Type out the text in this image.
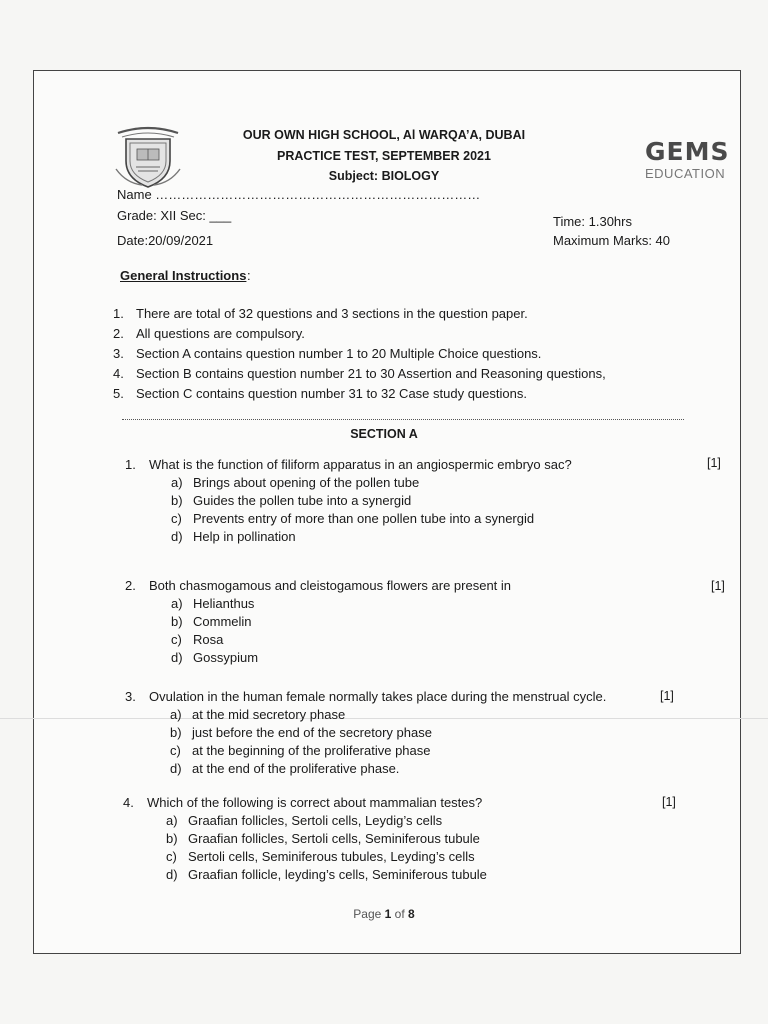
OUR OWN HIGH SCHOOL, Al WARQA’A, DUBAI
PRACTICE TEST, SEPTEMBER 2021
Subject: BIOLOGY
GEMS
EDUCATION
Name …………………………………………………………………
Grade: XII Sec: ___
Date:20/09/2021
Time: 1.30hrs
Maximum Marks: 40
General Instructions :
1. There are total of 32 questions and 3 sections in the question paper.
2. All questions are compulsory.
3. Section A contains question number 1 to 20 Multiple Choice questions.
4. Section B contains question number 21 to 30 Assertion and Reasoning questions,
5. Section C contains question number 31 to 32 Case study questions.
SECTION A
1. What is the function of filiform apparatus in an angiospermic embryo sac?
a) Brings about opening of the pollen tube
b) Guides the pollen tube into a synergid
c) Prevents entry of more than one pollen tube into a synergid
d) Help in pollination
[1]
2. Both chasmogamous and cleistogamous flowers are present in
a) Helianthus
b) Commelin
c) Rosa
d) Gossypium
[1]
3. Ovulation in the human female normally takes place during the menstrual cycle.
a) at the mid secretory phase
b) just before the end of the secretory phase
c) at the beginning of the proliferative phase
d) at the end of the proliferative phase.
[1]
4. Which of the following is correct about mammalian testes?
a) Graafian follicles, Sertoli cells, Leydig’s cells
b) Graafian follicles, Sertoli cells, Seminiferous tubule
c) Sertoli cells, Seminiferous tubules, Leyding’s cells
d) Graafian follicle, leyding’s cells, Seminiferous tubule
[1]
Page 1 of 8
